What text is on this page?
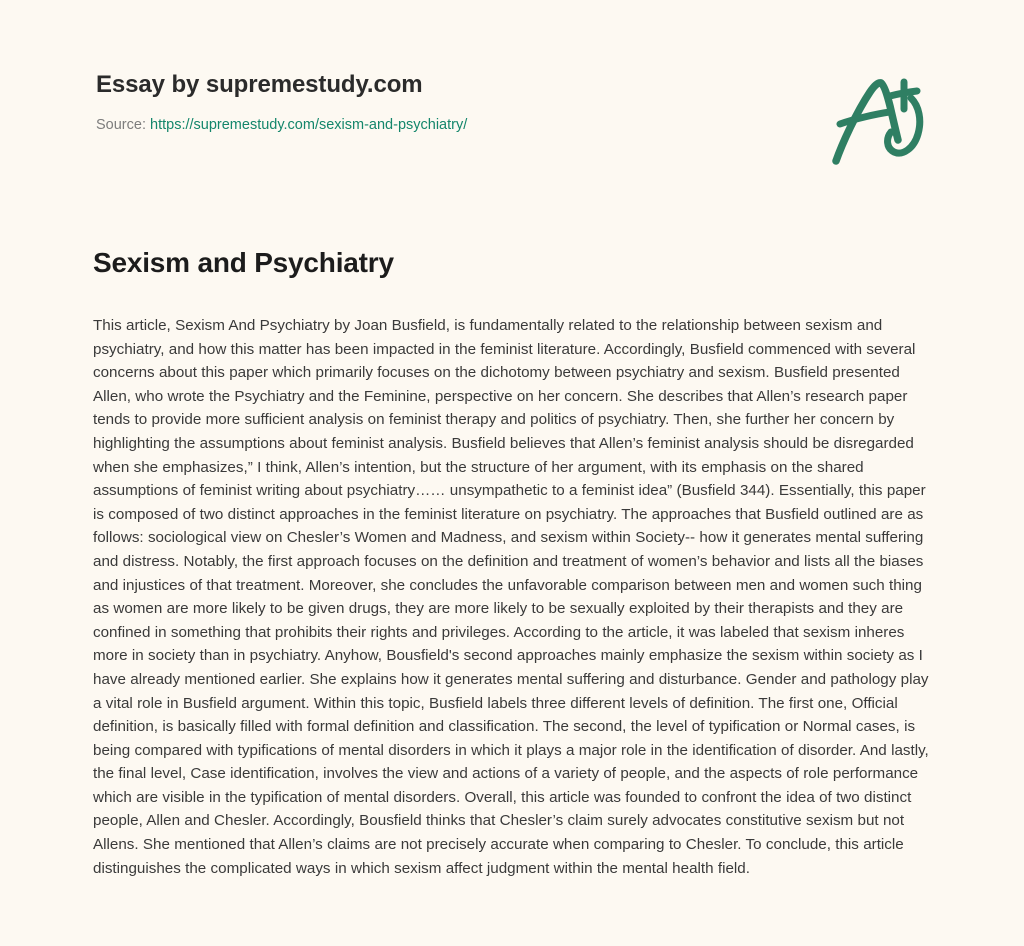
Essay by supremestudy.com
Source: https://supremestudy.com/sexism-and-psychiatry/
Sexism and Psychiatry

This article, Sexism And Psychiatry by Joan Busfield, is fundamentally related to the relationship between sexism and psychiatry, and how this matter has been impacted in the feminist literature. Accordingly, Busfield commenced with several concerns about this paper which primarily focuses on the dichotomy between psychiatry and sexism. Busfield presented Allen, who wrote the Psychiatry and the Feminine, perspective on her concern. She describes that Allen’s research paper tends to provide more sufficient analysis on feminist therapy and politics of psychiatry. Then, she further her concern by highlighting the assumptions about feminist analysis. Busfield believes that Allen’s feminist analysis should be disregarded when she emphasizes,” I think, Allen’s intention, but the structure of her argument, with its emphasis on the shared assumptions of feminist writing about psychiatry…… unsympathetic to a feminist idea” (Busfield 344). Essentially, this paper is composed of two distinct approaches in the feminist literature on psychiatry. The approaches that Busfield outlined are as follows: sociological view on Chesler’s Women and Madness, and sexism within Society-- how it generates mental suffering and distress. Notably, the first approach focuses on the definition and treatment of women’s behavior and lists all the biases and injustices of that treatment. Moreover, she concludes the unfavorable comparison between men and women such thing as women are more likely to be given drugs, they are more likely to be sexually exploited by their therapists and they are confined in something that prohibits their rights and privileges. According to the article, it was labeled that sexism inheres more in society than in psychiatry. Anyhow, Bousfield's second approaches mainly emphasize the sexism within society as I have already mentioned earlier. She explains how it generates mental suffering and disturbance. Gender and pathology play a vital role in Busfield argument. Within this topic, Busfield labels three different levels of definition. The first one, Official definition, is basically filled with formal definition and classification. The second, the level of typification or Normal cases, is being compared with typifications of mental disorders in which it plays a major role in the identification of disorder. And lastly, the final level, Case identification, involves the view and actions of a variety of people, and the aspects of role performance which are visible in the typification of mental disorders. Overall, this article was founded to confront the idea of two distinct people, Allen and Chesler. Accordingly, Bousfield thinks that Chesler’s claim surely advocates constitutive sexism but not Allens. She mentioned that Allen’s claims are not precisely accurate when comparing to Chesler. To conclude, this article distinguishes the complicated ways in which sexism affect judgment within the mental health field.
